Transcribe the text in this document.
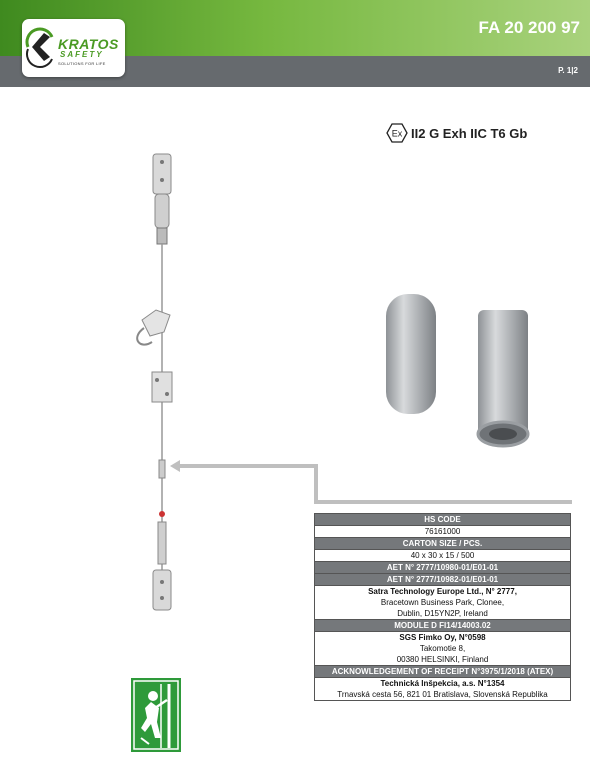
KRATOS
SAFETY
SOLUTIONS FOR LIFE
FA 20 200 97
P. 1|2
Ex II2 G Exh IIC T6 Gb
HS CODE
76161000
CARTON SIZE / PCS.
40 x 30 x 15 / 500
AET N° 2777/10980-01/E01-01
AET N° 2777/10982-01/E01-01

Satra Technology Europe Ltd., N° 2777,
Bracetown Business Park, Clonee,
Dublin, D15YN2P, Ireland

MODULE D FI14/14003.02

SGS Fimko Oy, N°0598
Takomotie 8,
00380 HELSINKI, Finland

ACKNOWLEDGEMENT OF RECEIPT N°3975/1/2018 (ATEX)

Technická Inšpekcia, a.s. N°1354
Trnavská cesta 56, 821 01 Bratislava, Slovenská Republika
